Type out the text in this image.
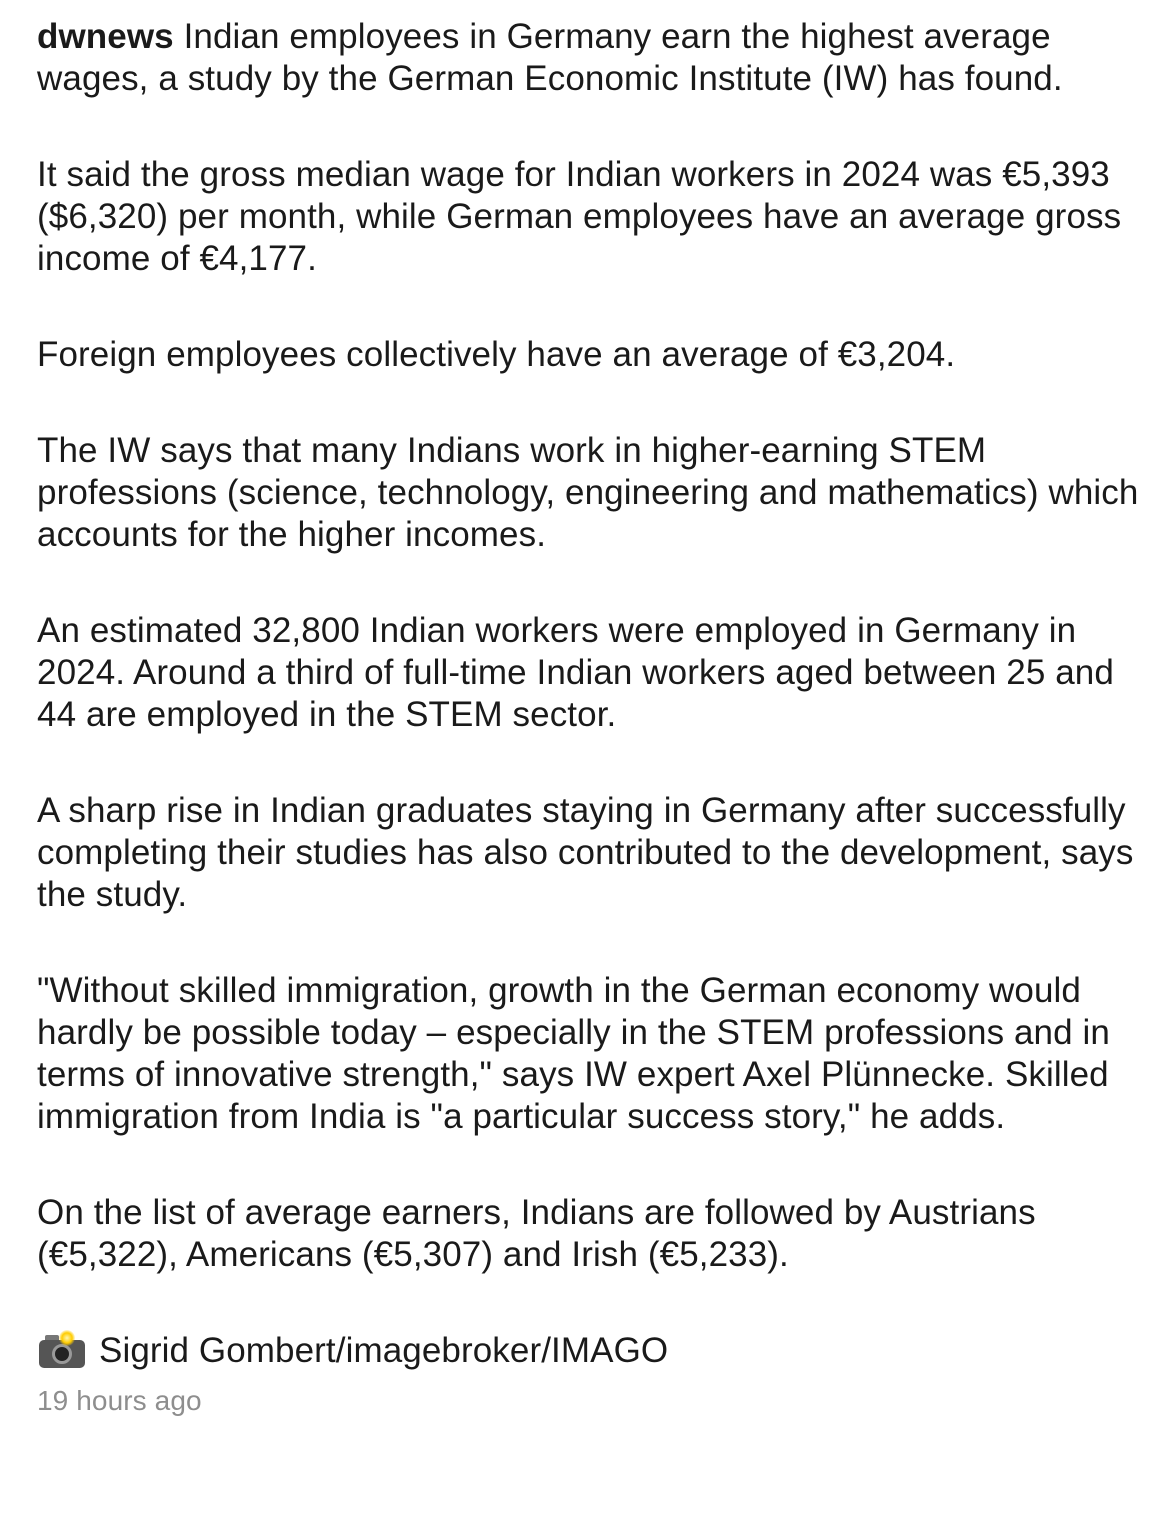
dwnews Indian employees in Germany earn the highest average wages, a study by the German Economic Institute (IW) has found.

It said the gross median wage for Indian workers in 2024 was €5,393 ($6,320) per month, while German employees have an average gross income of €4,177.

Foreign employees collectively have an average of €3,204.

The IW says that many Indians work in higher-earning STEM professions (science, technology, engineering and mathematics) which accounts for the higher incomes.

An estimated 32,800 Indian workers were employed in Germany in 2024. Around a third of full-time Indian workers aged between 25 and 44 are employed in the STEM sector.

A sharp rise in Indian graduates staying in Germany after successfully completing their studies has also contributed to the development, says the study.

"Without skilled immigration, growth in the German economy would hardly be possible today – especially in the STEM professions and in terms of innovative strength," says IW expert Axel Plünnecke. Skilled immigration from India is "a particular success story," he adds.

On the list of average earners, Indians are followed by Austrians (€5,322), Americans (€5,307) and Irish (€5,233).

Sigrid Gombert/imagebroker/IMAGO
19 hours ago
